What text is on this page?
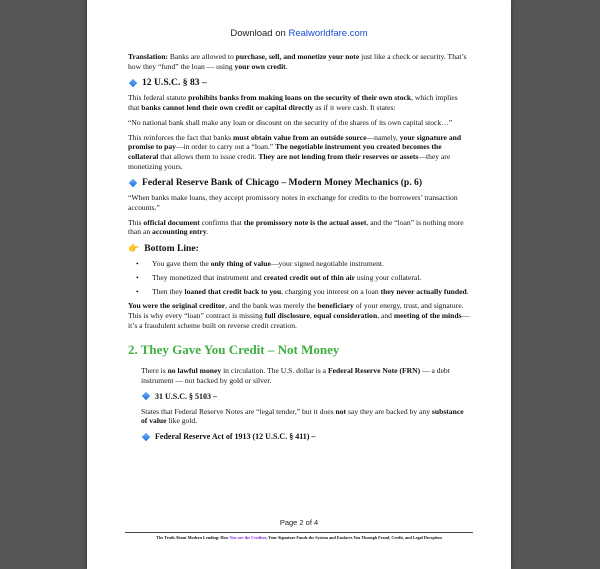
Download on Realworldfare.com

Translation: Banks are allowed to purchase, sell, and monetize your note just like a check or security. That’s how they “fund” the loan — using your own credit.

12 U.S.C. § 83 –

This federal statute prohibits banks from making loans on the security of their own stock, which implies that banks cannot lend their own credit or capital directly as if it were cash. It states:

“No national bank shall make any loan or discount on the security of the shares of its own capital stock…”

This reinforces the fact that banks must obtain value from an outside source—namely, your signature and promise to pay—in order to carry out a “loan.” The negotiable instrument you created becomes the collateral that allows them to issue credit. They are not lending from their reserves or assets—they are monetizing yours.

Federal Reserve Bank of Chicago – Modern Money Mechanics (p. 6)

“When banks make loans, they accept promissory notes in exchange for credits to the borrowers’ transaction accounts.”

This official document confirms that the promissory note is the actual asset, and the “loan” is nothing more than an accounting entry.

👉 Bottom Line:
• You gave them the only thing of value—your signed negotiable instrument.
• They monetized that instrument and created credit out of thin air using your collateral.
• Then they loaned that credit back to you, charging you interest on a loan they never actually funded.

You were the original creditor, and the bank was merely the beneficiary of your energy, trust, and signature.
This is why every “loan” contract is missing full disclosure, equal consideration, and meeting of the minds—it’s a fraudulent scheme built on reverse credit creation.

2. They Gave You Credit – Not Money

There is no lawful money in circulation. The U.S. dollar is a Federal Reserve Note (FRN) — a debt instrument — not backed by gold or silver.

31 U.S.C. § 5103 –

States that Federal Reserve Notes are “legal tender,” but it does not say they are backed by any substance of value like gold.

Federal Reserve Act of 1913 (12 U.S.C. § 411) –
Page 2 of 4
The Truth About Modern Lending: How You are the Creditor, Your Signature Funds the System and Enslaves You Through Fraud, Credit, and Legal Deception
